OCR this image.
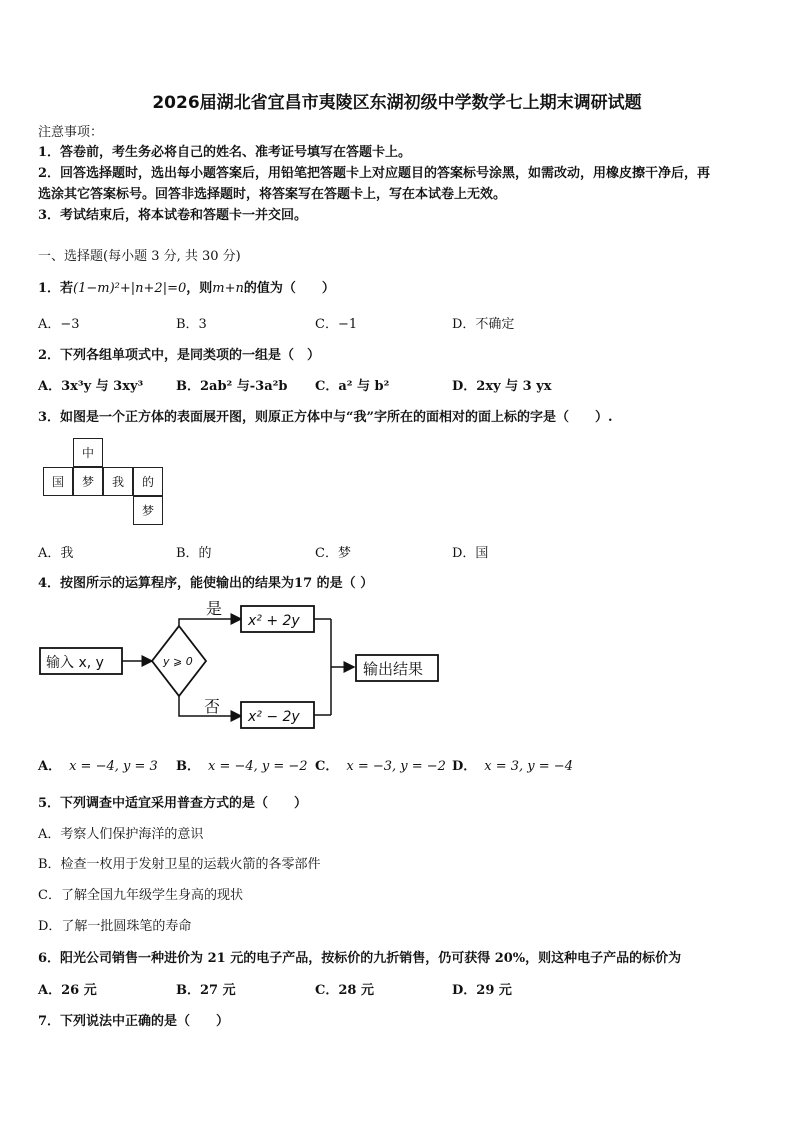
2026届湖北省宜昌市夷陵区东湖初级中学数学七上期末调研试题
注意事项：
1．答卷前，考生务必将自己的姓名、准考证号填写在答题卡上。
2．回答选择题时，选出每小题答案后，用铅笔把答题卡上对应题目的答案标号涂黑，如需改动，用橡皮擦干净后，再
选涂其它答案标号。回答非选择题时，将答案写在答题卡上，写在本试卷上无效。
3．考试结束后，将本试卷和答题卡一并交回。
一、选择题(每小题 3 分, 共 30 分)
1．若(1−m)²+|n+2|=0，则m+n的值为（　　）
A．−3	B．3	C．−1	D．不确定
2．下列各组单项式中，是同类项的一组是（　）
A．3x³y 与 3xy³	B．2ab² 与-3a²b C．a² 与 b²	D．2xy 与 3 yx
3．如图是一个正方体的表面展开图，则原正方体中与“我”字所在的面相对的面上标的字是（　　）.
中
国	梦	我	的
梦
A．我	B．的	C．梦	D．国
4．按图所示的运算程序，能使输出的结果为17 的是（ ）
输入 x, y	y ⩾ 0
是
x² + 2y
否
x² − 2y
输出结果
A． x = −4, y = 3 B． x = −4, y = −2 C． x = −3, y = −2 D． x = 3, y = −4
5．下列调查中适宜采用普查方式的是（　　）
A．考察人们保护海洋的意识
B．检查一枚用于发射卫星的运载火箭的各零部件
C．了解全国九年级学生身高的现状
D．了解一批圆珠笔的寿命
6．阳光公司销售一种进价为 21 元的电子产品，按标价的九折销售，仍可获得 20%，则这种电子产品的标价为
A．26 元	B．27 元	C．28 元	D．29 元
7．下列说法中正确的是（　　）
